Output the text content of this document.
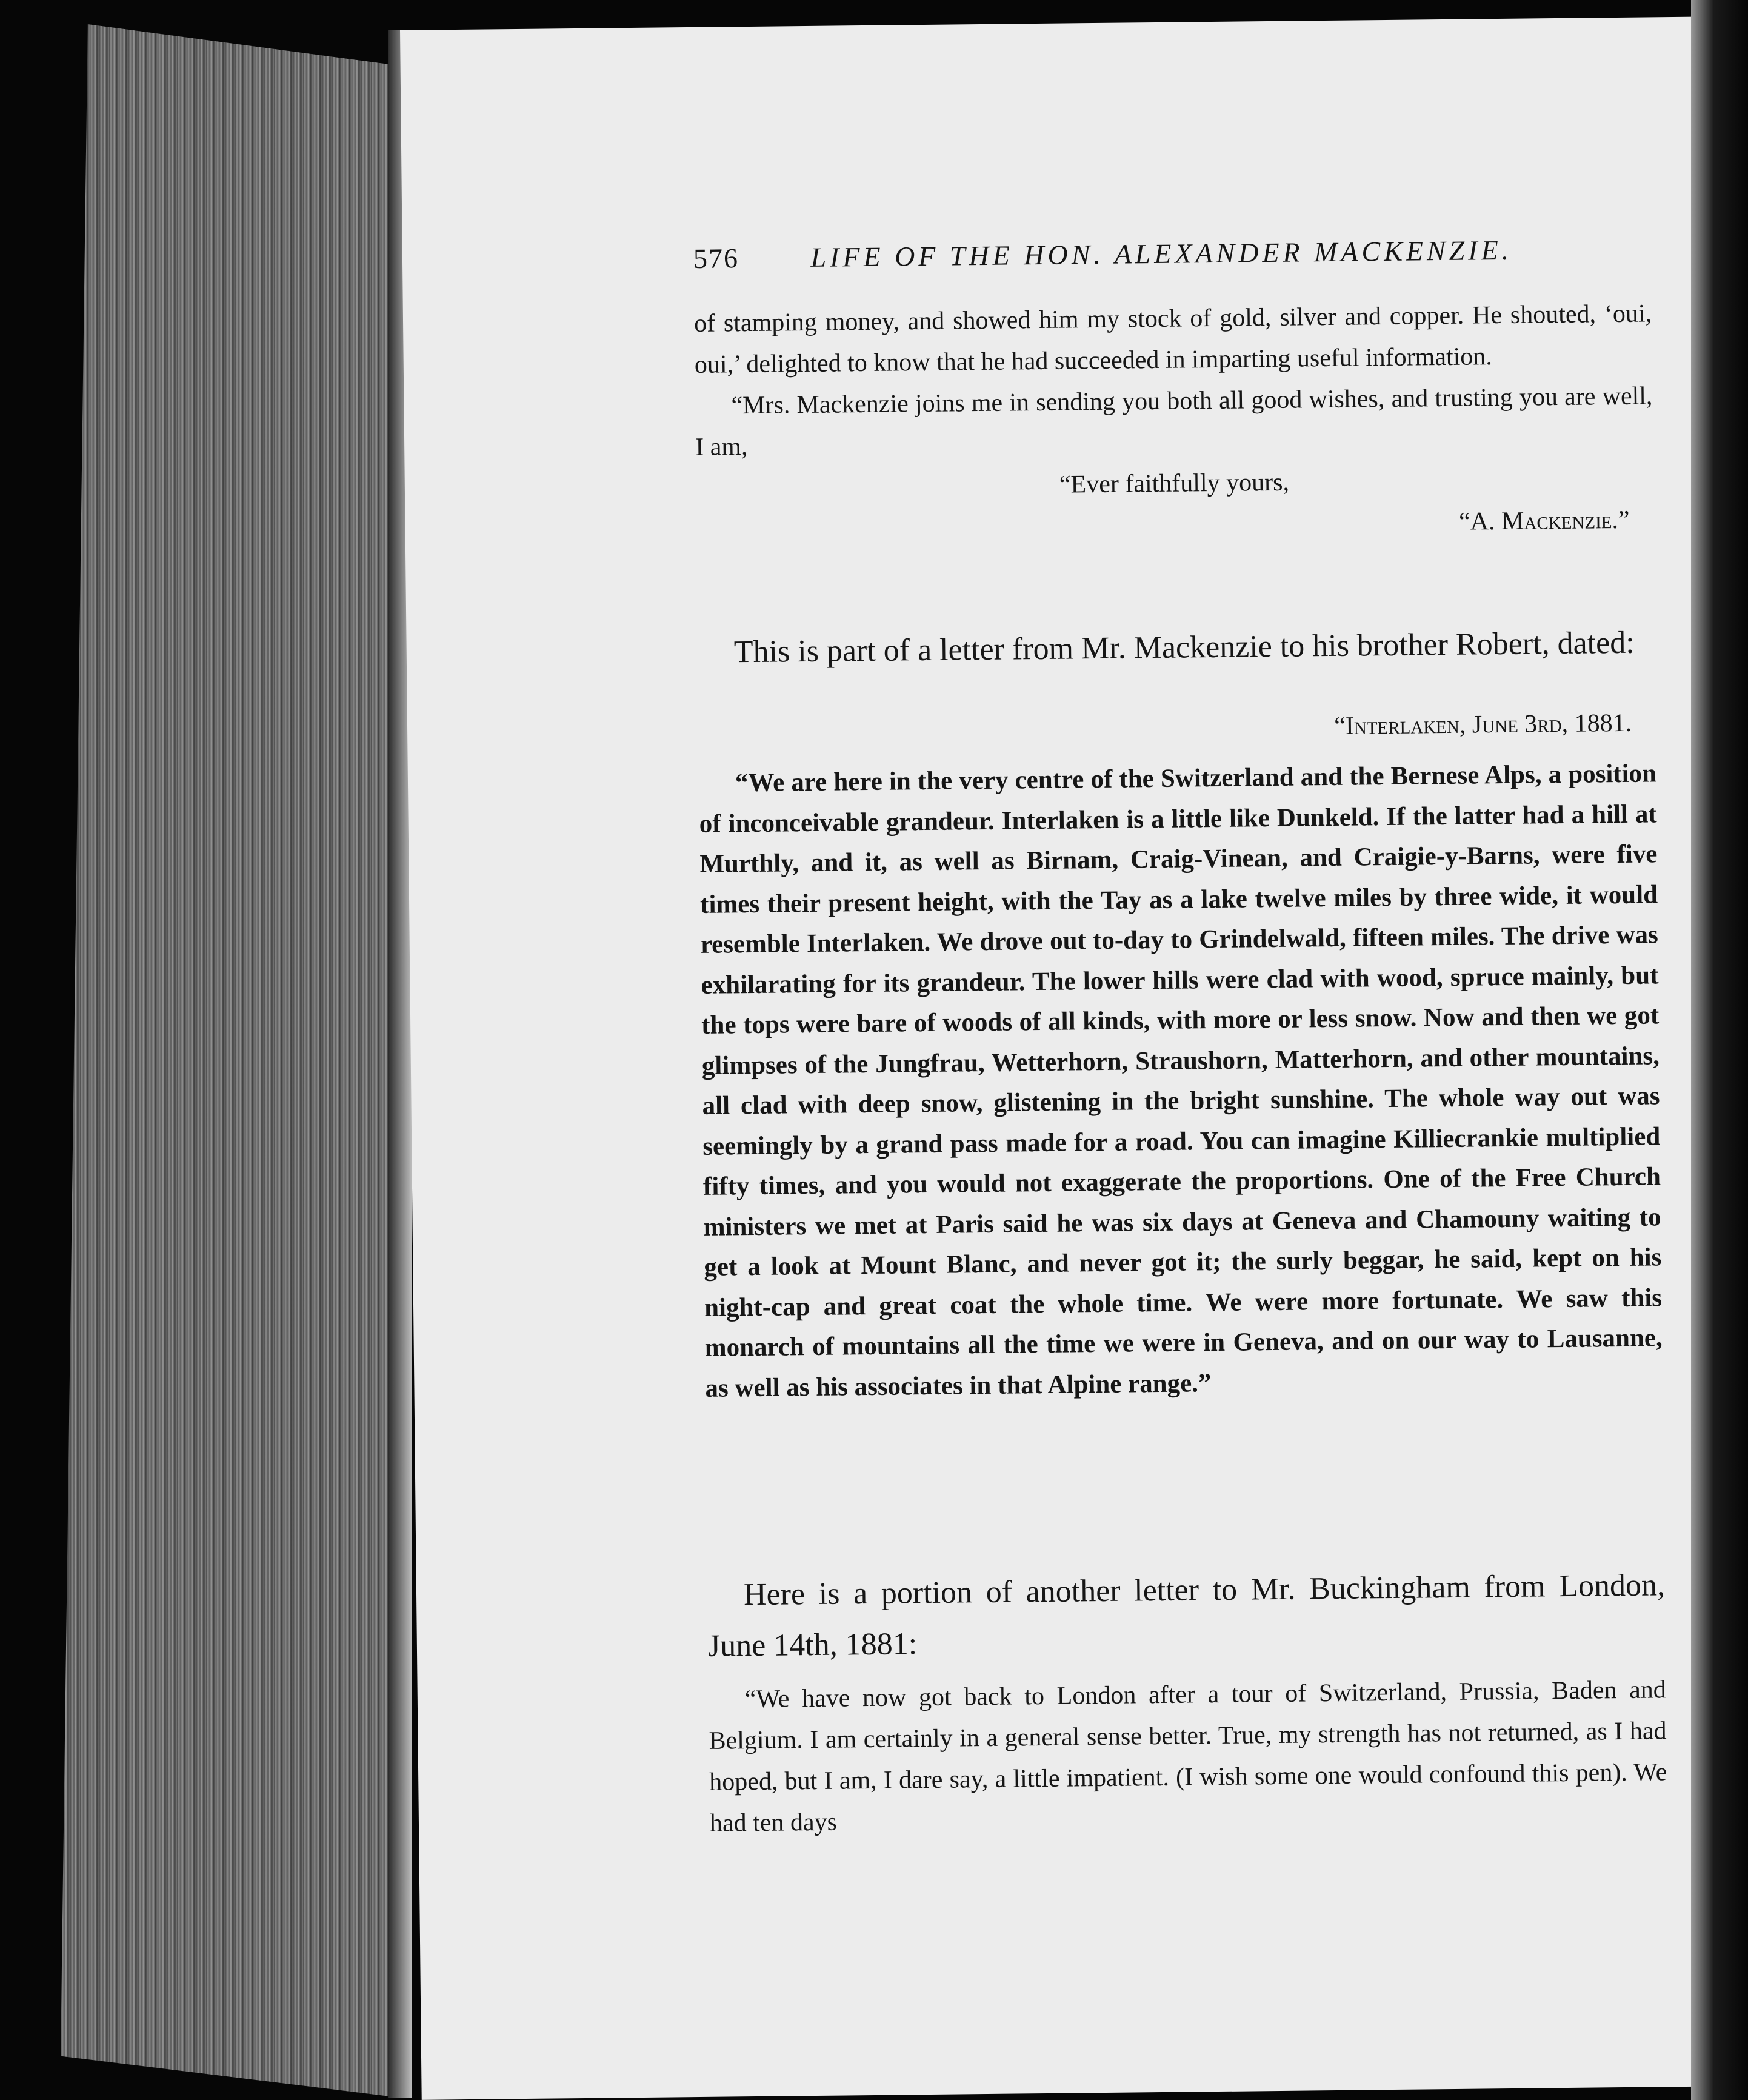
576	LIFE OF THE HON. ALEXANDER MACKENZIE.

of stamping money, and showed him my stock of gold, silver and copper. He shouted, ‘oui, oui,’ delighted to know that he had succeeded in imparting useful information.

“Mrs. Mackenzie joins me in sending you both all good wishes, and trusting you are well, I am,

“Ever faithfully yours,

“A. Mackenzie.”

This is part of a letter from Mr. Mackenzie to his brother Robert, dated:

“Interlaken, June 3rd, 1881.

“We are here in the very centre of the Switzerland and the Bernese Alps, a position of inconceivable grandeur. Interlaken is a little like Dunkeld. If the latter had a hill at Murthly, and it, as well as Birnam, Craig-Vinean, and Craigie-y-Barns, were five times their present height, with the Tay as a lake twelve miles by three wide, it would resemble Interlaken. We drove out to-day to Grindelwald, fifteen miles. The drive was exhilarating for its grandeur. The lower hills were clad with wood, spruce mainly, but the tops were bare of woods of all kinds, with more or less snow. Now and then we got glimpses of the Jungfrau, Wetterhorn, Straushorn, Matterhorn, and other mountains, all clad with deep snow, glistening in the bright sunshine. The whole way out was seemingly by a grand pass made for a road. You can imagine Killiecrankie multiplied fifty times, and you would not exaggerate the proportions. One of the Free Church ministers we met at Paris said he was six days at Geneva and Chamouny waiting to get a look at Mount Blanc, and never got it; the surly beggar, he said, kept on his night-cap and great coat the whole time. We were more fortunate. We saw this monarch of mountains all the time we were in Geneva, and on our way to Lausanne, as well as his associates in that Alpine range.”

Here is a portion of another letter to Mr. Buckingham from London, June 14th, 1881:

“We have now got back to London after a tour of Switzerland, Prussia, Baden and Belgium. I am certainly in a general sense better. True, my strength has not returned, as I had hoped, but I am, I dare say, a little impatient. (I wish some one would confound this pen). We had ten days
